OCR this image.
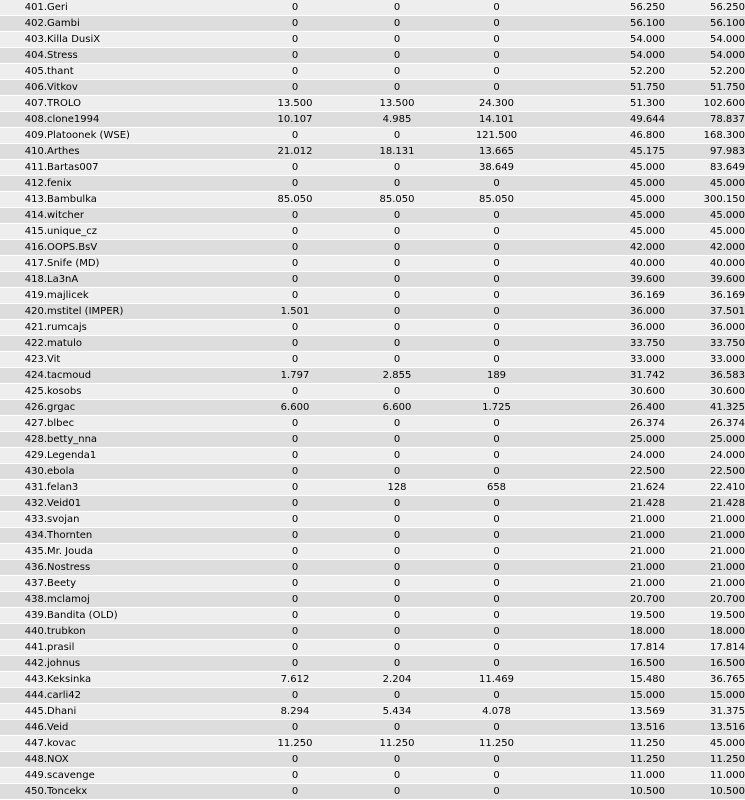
401.	Geri	0	0	0	56.250	56.250
402.	Gambi	0	0	0	56.100	56.100
403.	Killa DusiX	0	0	0	54.000	54.000
404.	Stress	0	0	0	54.000	54.000
405.	thant	0	0	0	52.200	52.200
406.	Vitkov	0	0	0	51.750	51.750
407.	TROLO	13.500	13.500	24.300	51.300	102.600
408.	clone1994	10.107	4.985	14.101	49.644	78.837
409.	Platoonek (WSE)	0	0	121.500	46.800	168.300
410.	Arthes	21.012	18.131	13.665	45.175	97.983
411.	Bartas007	0	0	38.649	45.000	83.649
412.	fenix	0	0	0	45.000	45.000
413.	Bambulka	85.050	85.050	85.050	45.000	300.150
414.	witcher	0	0	0	45.000	45.000
415.	unique_cz	0	0	0	45.000	45.000
416.	OOPS.BsV	0	0	0	42.000	42.000
417.	Snife (MD)	0	0	0	40.000	40.000
418.	La3nA	0	0	0	39.600	39.600
419.	majlicek	0	0	0	36.169	36.169
420.	mstitel (IMPER)	1.501	0	0	36.000	37.501
421.	rumcajs	0	0	0	36.000	36.000
422.	matulo	0	0	0	33.750	33.750
423.	Vit	0	0	0	33.000	33.000
424.	tacmoud	1.797	2.855	189	31.742	36.583
425.	kosobs	0	0	0	30.600	30.600
426.	grgac	6.600	6.600	1.725	26.400	41.325
427.	blbec	0	0	0	26.374	26.374
428.	betty_nna	0	0	0	25.000	25.000
429.	Legenda1	0	0	0	24.000	24.000
430.	ebola	0	0	0	22.500	22.500
431.	felan3	0	128	658	21.624	22.410
432.	Veid01	0	0	0	21.428	21.428
433.	svojan	0	0	0	21.000	21.000
434.	Thornten	0	0	0	21.000	21.000
435.	Mr. Jouda	0	0	0	21.000	21.000
436.	Nostress	0	0	0	21.000	21.000
437.	Beety	0	0	0	21.000	21.000
438.	mclamoj	0	0	0	20.700	20.700
439.	Bandita (OLD)	0	0	0	19.500	19.500
440.	trubkon	0	0	0	18.000	18.000
441.	prasil	0	0	0	17.814	17.814
442.	johnus	0	0	0	16.500	16.500
443.	Keksinka	7.612	2.204	11.469	15.480	36.765
444.	carli42	0	0	0	15.000	15.000
445.	Dhani	8.294	5.434	4.078	13.569	31.375
446.	Veid	0	0	0	13.516	13.516
447.	kovac	11.250	11.250	11.250	11.250	45.000
448.	NOX	0	0	0	11.250	11.250
449.	scavenge	0	0	0	11.000	11.000
450.	Toncekx	0	0	0	10.500	10.500
